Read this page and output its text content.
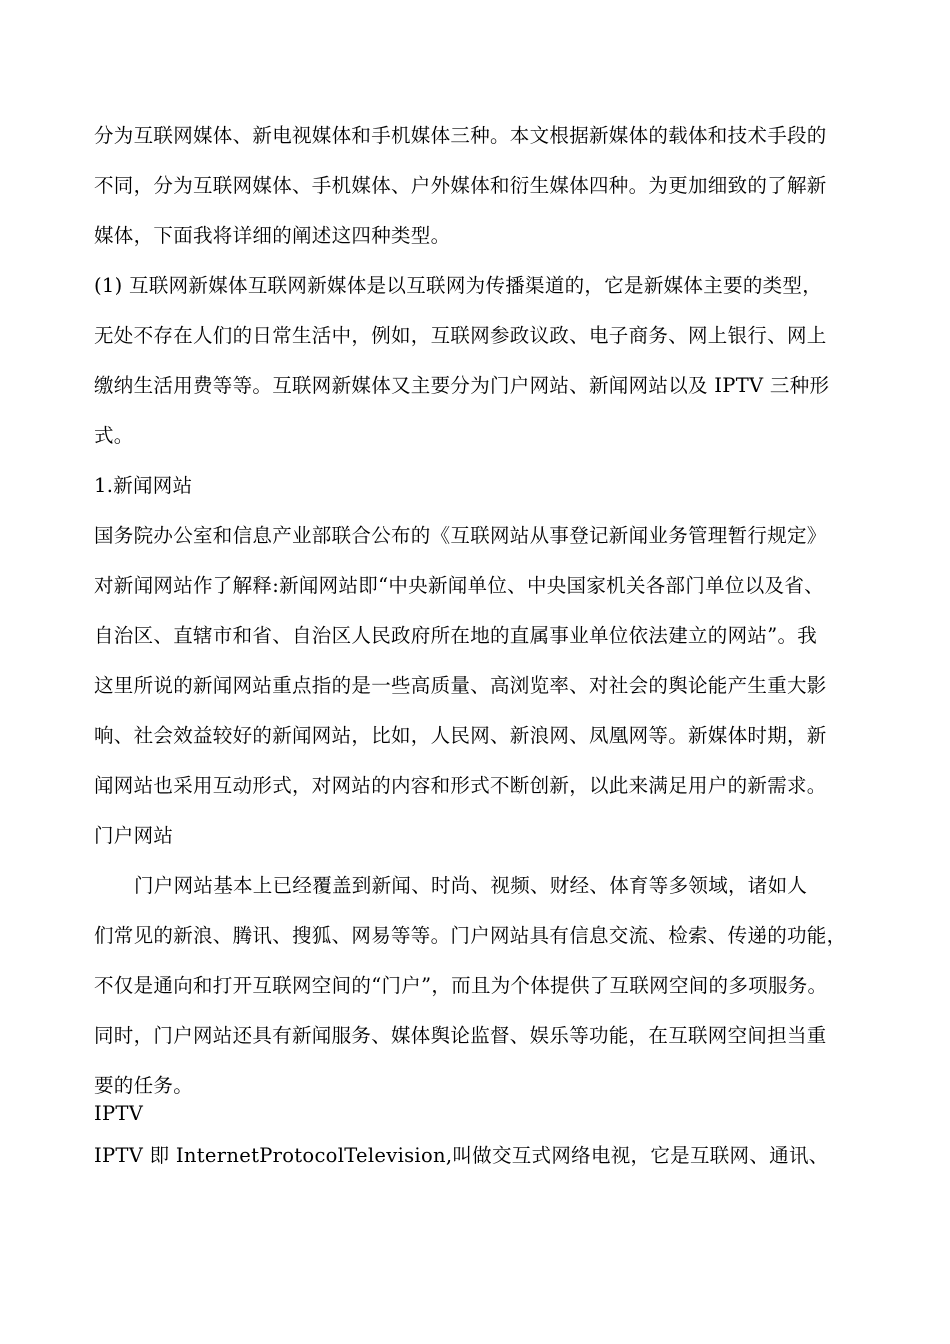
分为互联网媒体、新电视媒体和手机媒体三种。本文根据新媒体的载体和技术手段的
不同，分为互联网媒体、手机媒体、户外媒体和衍生媒体四种。为更加细致的了解新
媒体，下面我将详细的阐述这四种类型。
(1) 互联网新媒体互联网新媒体是以互联网为传播渠道的，它是新媒体主要的类型，
无处不存在人们的日常生活中，例如，互联网参政议政、电子商务、网上银行、网上
缴纳生活用费等等。互联网新媒体又主要分为门户网站、新闻网站以及 IPTV 三种形
式。
1.新闻网站
国务院办公室和信息产业部联合公布的《互联网站从事登记新闻业务管理暂行规定》
对新闻网站作了解释:新闻网站即“中央新闻单位、中央国家机关各部门单位以及省、
自治区、直辖市和省、自治区人民政府所在地的直属事业单位依法建立的网站”。我
这里所说的新闻网站重点指的是一些高质量、高浏览率、对社会的舆论能产生重大影
响、社会效益较好的新闻网站，比如，人民网、新浪网、凤凰网等。新媒体时期，新
闻网站也采用互动形式，对网站的内容和形式不断创新，以此来满足用户的新需求。
门户网站
门户网站基本上已经覆盖到新闻、时尚、视频、财经、体育等多领域，诸如人
们常见的新浪、腾讯、搜狐、网易等等。门户网站具有信息交流、检索、传递的功能，
不仅是通向和打开互联网空间的“门户”，而且为个体提供了互联网空间的多项服务。
同时，门户网站还具有新闻服务、媒体舆论监督、娱乐等功能，在互联网空间担当重
要的任务。
IPTV
IPTV 即 InternetProtocolTelevision,叫做交互式网络电视，它是互联网、通讯、
